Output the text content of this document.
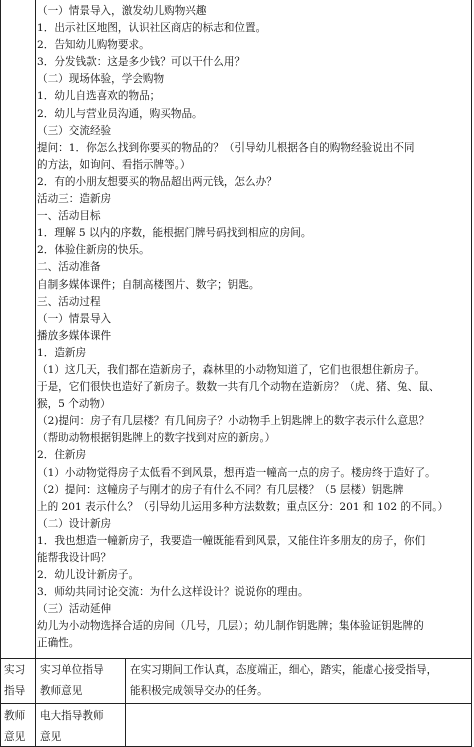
（一）情景导入，激发幼儿购物兴趣
1．出示社区地图，认识社区商店的标志和位置。
2．告知幼儿购物要求。
3．分发钱款：这是多少钱？可以干什么用？
（二）现场体验，学会购物
1．幼儿自选喜欢的物品；
2．幼儿与营业员沟通，购买物品。
（三）交流经验
提问：1．你怎么找到你要买的物品的？（引导幼儿根据各自的购物经验说出不同
的方法，如询问、看指示牌等。）
2．有的小朋友想要买的物品超出两元钱，怎么办？
活动三：造新房
一、活动目标
1．理解 5 以内的序数，能根据门牌号码找到相应的房间。
2．体验住新房的快乐。
二、活动准备
自制多媒体课件；自制高楼图片、数字；钥匙。
三、活动过程
（一）情景导入
播放多媒体课件
1．造新房
（1）这几天，我们都在造新房子，森林里的小动物知道了，它们也很想住新房子。
于是，它们很快也造好了新房子。数数一共有几个动物在造新房？（虎、猪、兔、鼠、
猴，5 个动物）
（2)提问：房子有几层楼？有几间房子？小动物手上钥匙牌上的数字表示什么意思？
（帮助动物根据钥匙牌上的数字找到对应的新房。）
2．住新房
（1）小动物觉得房子太低看不到风景，想再造一幢高一点的房子。楼房终于造好了。
（2）提问：这幢房子与刚才的房子有什么不同？有几层楼？（5 层楼）钥匙牌
上的 201 表示什么？（引导幼儿运用多种方法数数；重点区分：201 和 102 的不同。）
（二）设计新房
1．我也想造一幢新房子，我要造一幢既能看到风景，又能住许多朋友的房子，你们
能帮我设计吗？
2．幼儿设计新房子。
3．师幼共同讨论交流：为什么这样设计？说说你的理由。
（三）活动延伸
幼儿为小动物选择合适的房间（几号，几层）；幼儿制作钥匙牌；集体验证钥匙牌的
正确性。
实习
指导
教师
意见
实习单位指导
教师意见
在实习期间工作认真，态度端正，细心，踏实，能虚心接受指导，
能积极完成领导交办的任务。
电大指导教师
意见
